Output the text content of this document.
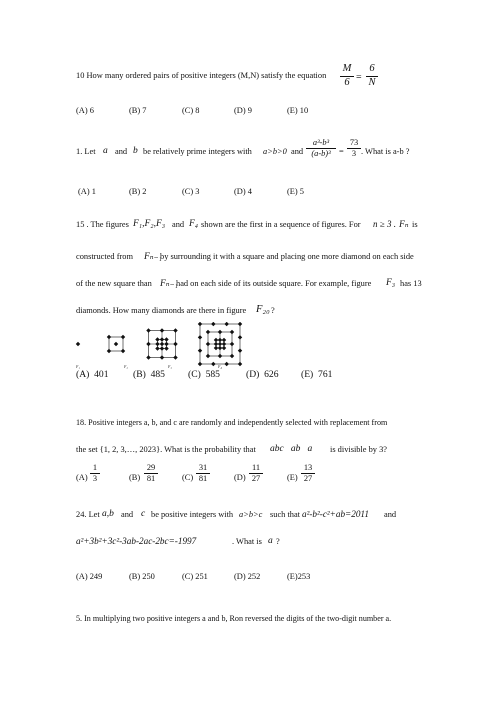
10 How many ordered pairs of positive integers (M,N) satisfy the equation $\frac{M}{6} = \frac{6}{N}$
(A) 6	(B) 7	(C) 8	(D) 9	(E) 10
1. Let a and b be relatively prime integers with a>b>0 and $\frac{\text{a³-b³}}{\text{(a-b)³}} = \frac{73}{3}$ . What is a-b ?
(A) 1	(B) 2	(C) 3	(D) 4	(E) 5
15 . The figures F₁,F₂,F₃ and F₄ shown are the first in a sequence of figures. For n ≥ 3 . Fₙ is
constructed from Fₙ₋₁
by surrounding it with a square and placing one more diamond on each side
of the new square than Fₙ₋₁
had on each side of its outside square. For example, figure F₃ has 13
diamonds. How many diamonds are there in figure F₂₀ ?
F₁	F₂	F₃	F₄
(A)  401	(B)  485 (C)  585	(D)  626 (E)  761
18. Positive integers a, b, and c are randomly and independently selected with replacement from
the set {1, 2, 3,…, 2023}. What is the probability that abc   ab   a is divisible by 3?
$(A) \frac{1}{3}$	$(B) \frac{29}{81}$	$(C) \frac{31}{81}$	$(D) \frac{11}{27}$	$(E) \frac{13}{27}$
24. Let a,b and c be positive integers with a>b>c such that a²-b²-c²+ab=2011 and
a²+3b²+3c²-3ab-2ac-2bc=-1997	. What is a ?
(A) 249	(B) 250	(C) 251	(D) 252	(E)253
5. In multiplying two positive integers a and b, Ron reversed the digits of the two-digit number a.
